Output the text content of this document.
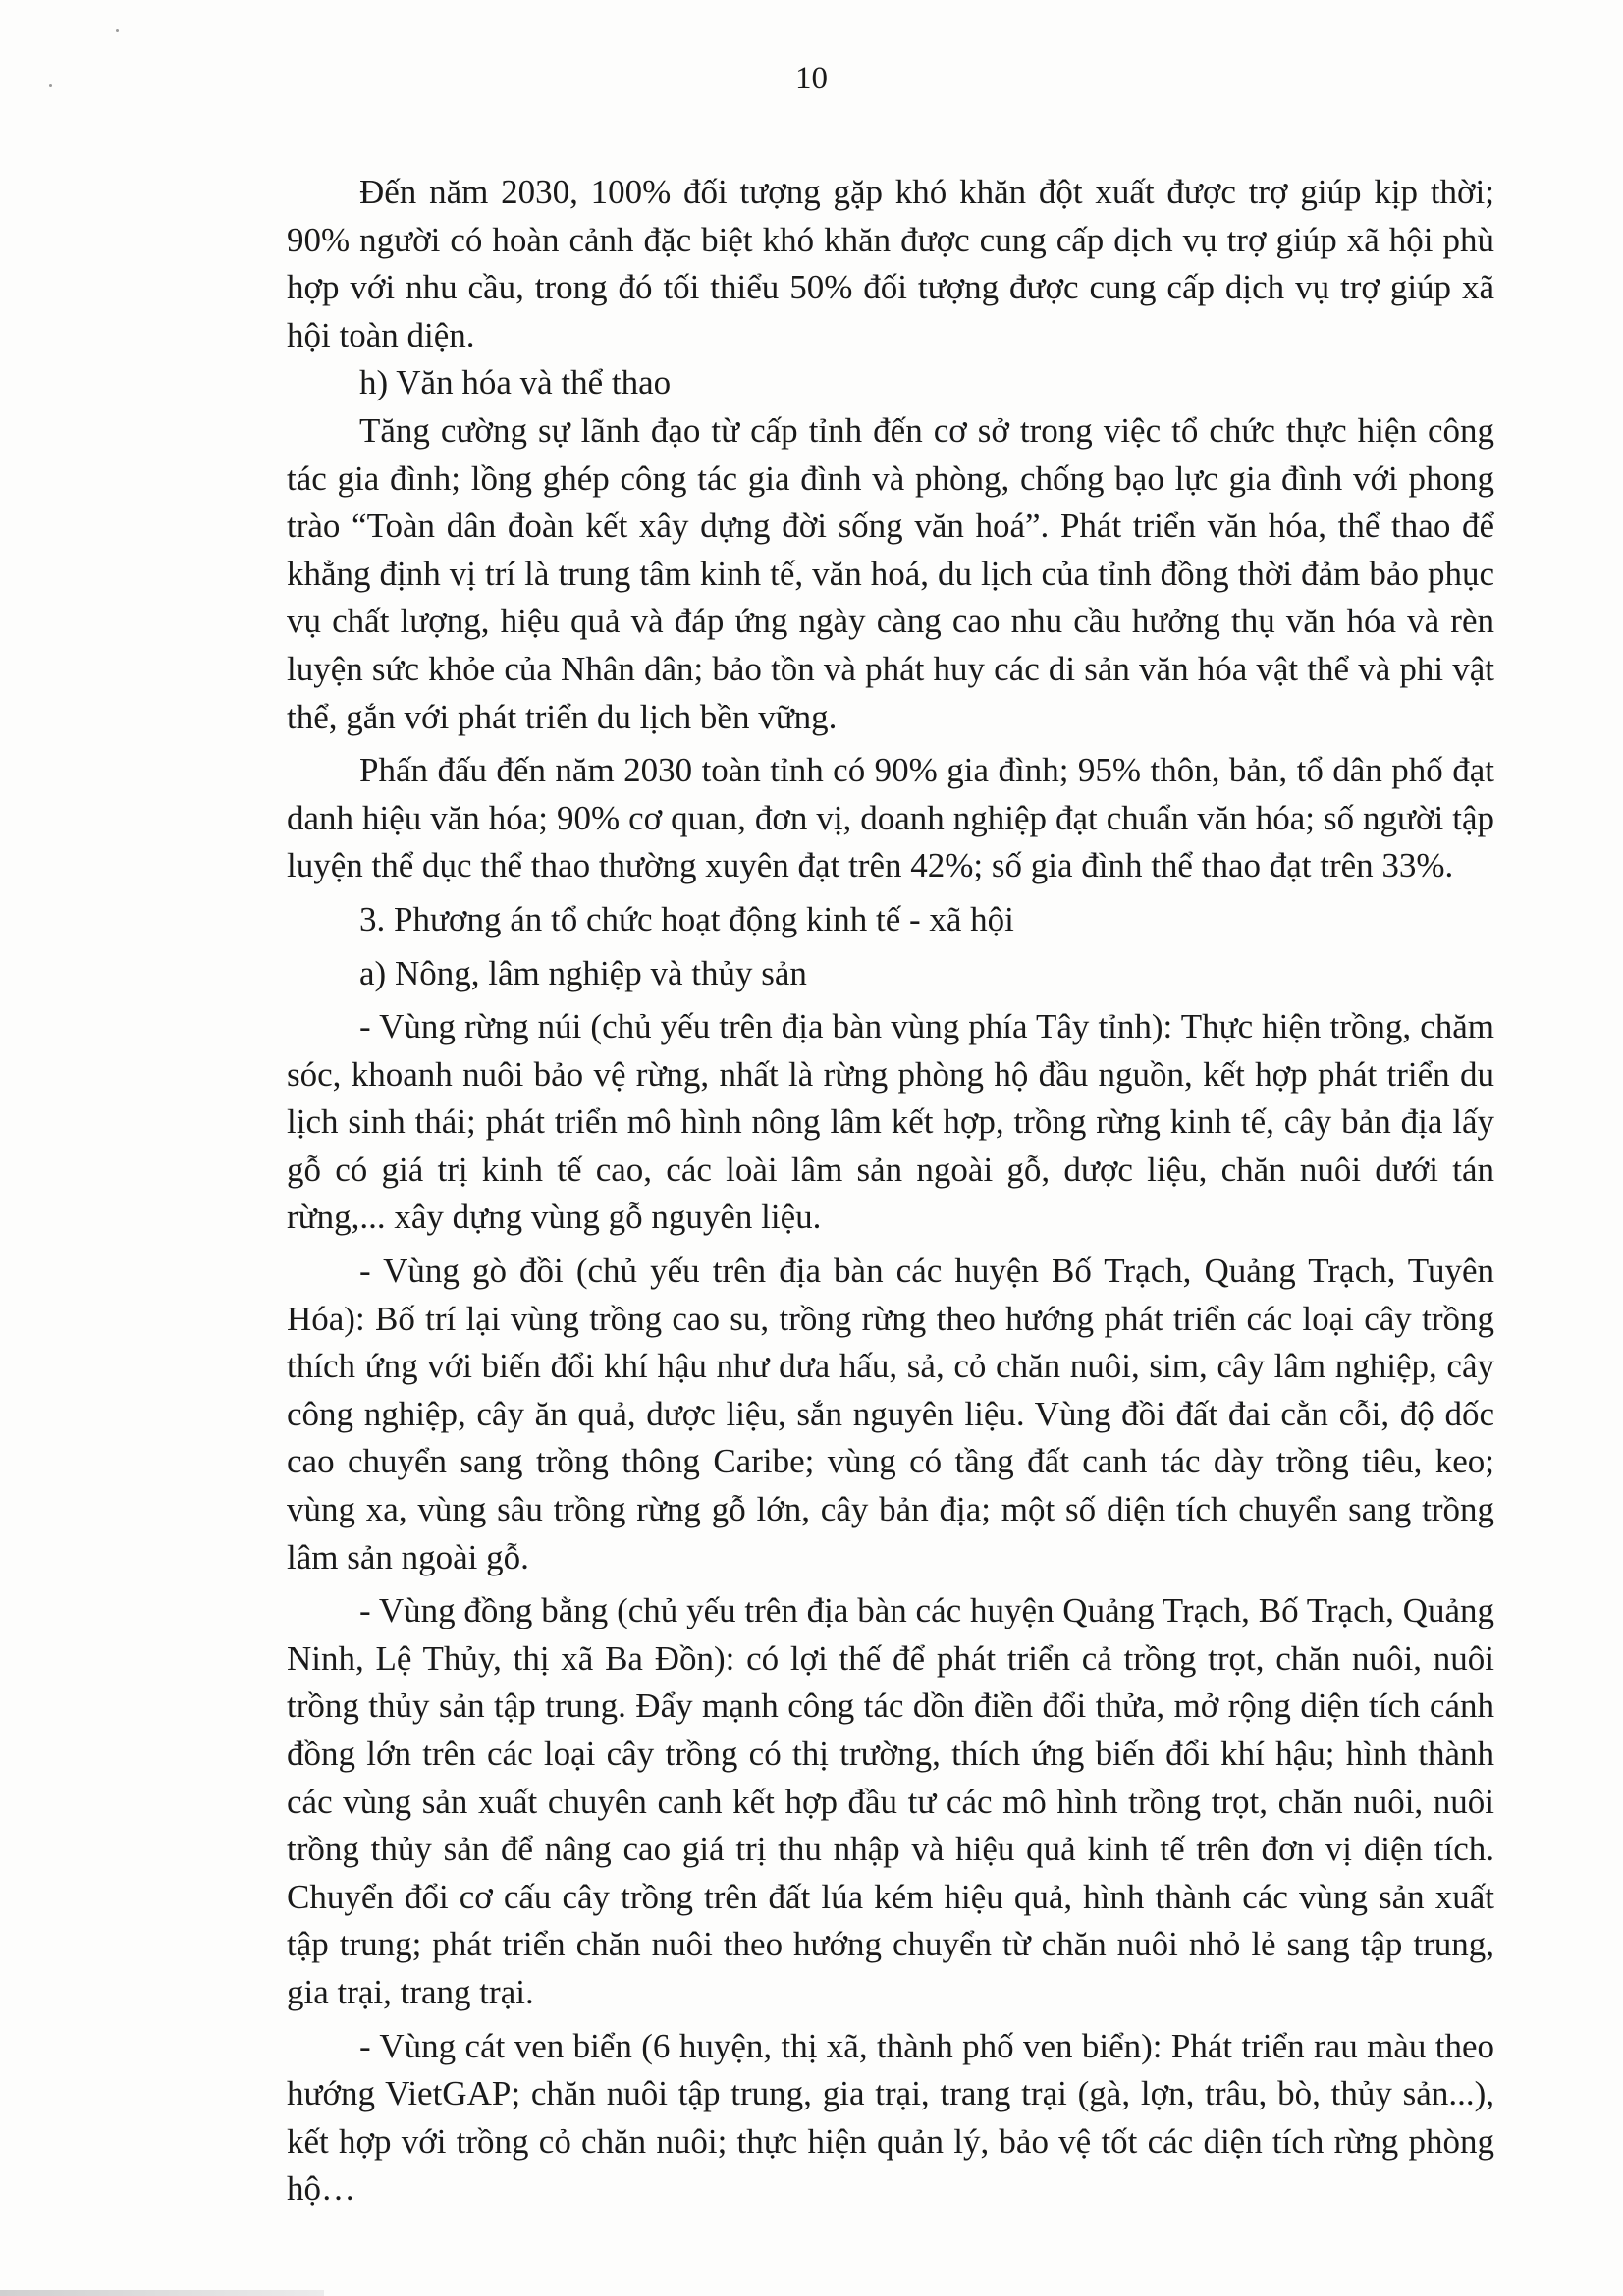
10

Đến năm 2030, 100% đối tượng gặp khó khăn đột xuất được trợ giúp kịp thời; 90% người có hoàn cảnh đặc biệt khó khăn được cung cấp dịch vụ trợ giúp xã hội phù hợp với nhu cầu, trong đó tối thiểu 50% đối tượng được cung cấp dịch vụ trợ giúp xã hội toàn diện.

h) Văn hóa và thể thao

Tăng cường sự lãnh đạo từ cấp tỉnh đến cơ sở trong việc tổ chức thực hiện công tác gia đình; lồng ghép công tác gia đình và phòng, chống bạo lực gia đình với phong trào “Toàn dân đoàn kết xây dựng đời sống văn hoá”. Phát triển văn hóa, thể thao để khẳng định vị trí là trung tâm kinh tế, văn hoá, du lịch của tỉnh đồng thời đảm bảo phục vụ chất lượng, hiệu quả và đáp ứng ngày càng cao nhu cầu hưởng thụ văn hóa và rèn luyện sức khỏe của Nhân dân; bảo tồn và phát huy các di sản văn hóa vật thể và phi vật thể, gắn với phát triển du lịch bền vững.

Phấn đấu đến năm 2030 toàn tỉnh có 90% gia đình; 95% thôn, bản, tổ dân phố đạt danh hiệu văn hóa; 90% cơ quan, đơn vị, doanh nghiệp đạt chuẩn văn hóa; số người tập luyện thể dục thể thao thường xuyên đạt trên 42%; số gia đình thể thao đạt trên 33%.

3. Phương án tổ chức hoạt động kinh tế - xã hội

a) Nông, lâm nghiệp và thủy sản

- Vùng rừng núi (chủ yếu trên địa bàn vùng phía Tây tỉnh): Thực hiện trồng, chăm sóc, khoanh nuôi bảo vệ rừng, nhất là rừng phòng hộ đầu nguồn, kết hợp phát triển du lịch sinh thái; phát triển mô hình nông lâm kết hợp, trồng rừng kinh tế, cây bản địa lấy gỗ có giá trị kinh tế cao, các loài lâm sản ngoài gỗ, dược liệu, chăn nuôi dưới tán rừng,... xây dựng vùng gỗ nguyên liệu.

- Vùng gò đồi (chủ yếu trên địa bàn các huyện Bố Trạch, Quảng Trạch, Tuyên Hóa): Bố trí lại vùng trồng cao su, trồng rừng theo hướng phát triển các loại cây trồng thích ứng với biến đổi khí hậu như dưa hấu, sả, cỏ chăn nuôi, sim, cây lâm nghiệp, cây công nghiệp, cây ăn quả, dược liệu, sắn nguyên liệu. Vùng đồi đất đai cằn cỗi, độ dốc cao chuyển sang trồng thông Caribe; vùng có tầng đất canh tác dày trồng tiêu, keo; vùng xa, vùng sâu trồng rừng gỗ lớn, cây bản địa; một số diện tích chuyển sang trồng lâm sản ngoài gỗ.

- Vùng đồng bằng (chủ yếu trên địa bàn các huyện Quảng Trạch, Bố Trạch, Quảng Ninh, Lệ Thủy, thị xã Ba Đồn): có lợi thế để phát triển cả trồng trọt, chăn nuôi, nuôi trồng thủy sản tập trung. Đẩy mạnh công tác dồn điền đổi thửa, mở rộng diện tích cánh đồng lớn trên các loại cây trồng có thị trường, thích ứng biến đổi khí hậu; hình thành các vùng sản xuất chuyên canh kết hợp đầu tư các mô hình trồng trọt, chăn nuôi, nuôi trồng thủy sản để nâng cao giá trị thu nhập và hiệu quả kinh tế trên đơn vị diện tích. Chuyển đổi cơ cấu cây trồng trên đất lúa kém hiệu quả, hình thành các vùng sản xuất tập trung; phát triển chăn nuôi theo hướng chuyển từ chăn nuôi nhỏ lẻ sang tập trung, gia trại, trang trại.

- Vùng cát ven biển (6 huyện, thị xã, thành phố ven biển): Phát triển rau màu theo hướng VietGAP; chăn nuôi tập trung, gia trại, trang trại (gà, lợn, trâu, bò, thủy sản...), kết hợp với trồng cỏ chăn nuôi; thực hiện quản lý, bảo vệ tốt các diện tích rừng phòng hộ…
